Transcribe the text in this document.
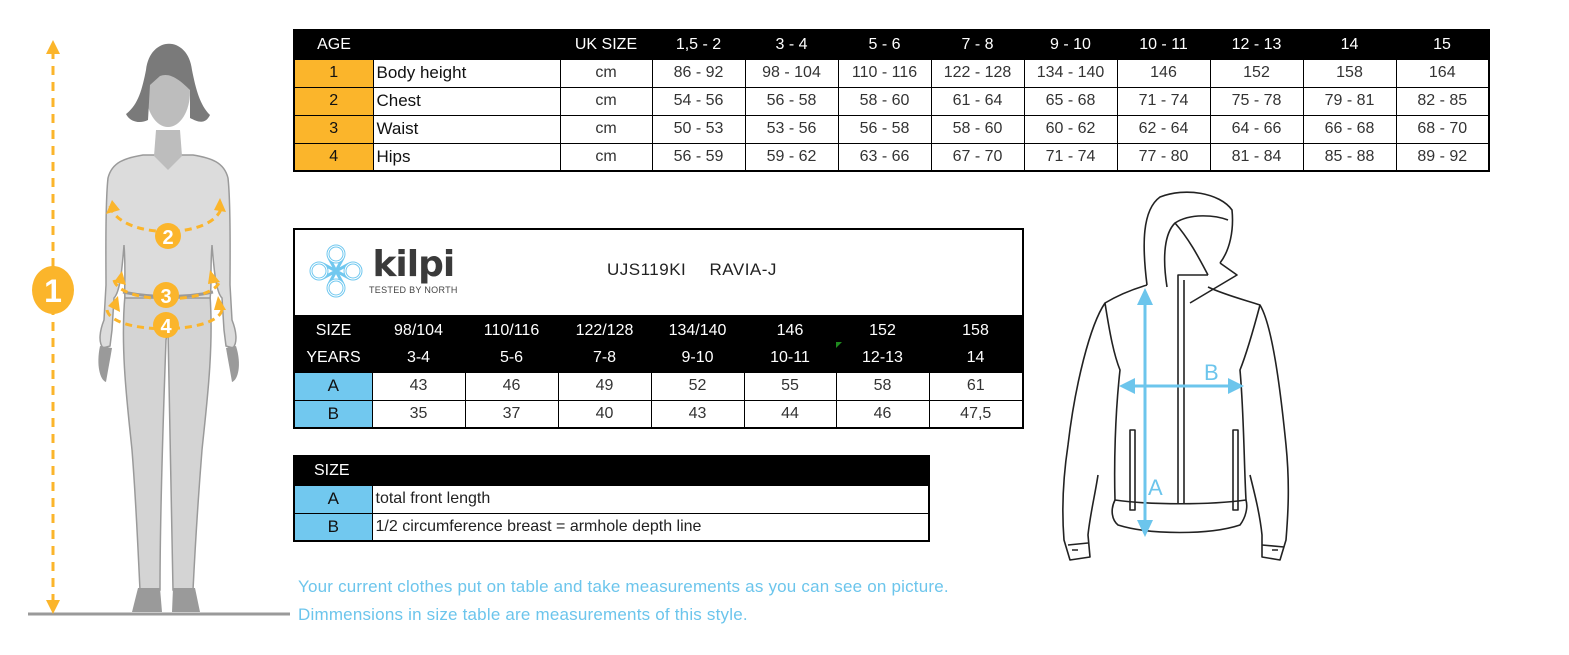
1
2
3
4
AGE		UK SIZE	1,5 - 2	3 - 4	5 - 6	7 - 8	9 - 10	10 - 11	12 - 13	14	15
1	Body height	cm	86 - 92	98 - 104	110 - 116	122 - 128	134 - 140	146	152	158	164
2	Chest	cm	54 - 56	56 - 58	58 - 60	61 - 64	65 - 68	71 - 74	75 - 78	79 - 81	82 - 85
3	Waist	cm	50 - 53	53 - 56	56 - 58	58 - 60	60 - 62	62 - 64	64 - 66	66 - 68	68 - 70
4	Hips	cm	56 - 59	59 - 62	63 - 66	67 - 70	71 - 74	77 - 80	81 - 84	85 - 88	89 - 92
kilpi
TESTED BY NORTH
UJS119KI RAVIA-J							

SIZE	98/104	110/116	122/128	134/140	146	152	158
YEARS	3-4	5-6	7-8	9-10	10-11	12-13	14
A	43	46	49	52	55	58	61
B	35	37	40	43	44	46	47,5
SIZE	
A	total front length
B	1/2 circumference breast = armhole depth line
Your current clothes put on table and take measurements as you can see on picture.
Dimmensions in size table are measurements of this style.
B
A
